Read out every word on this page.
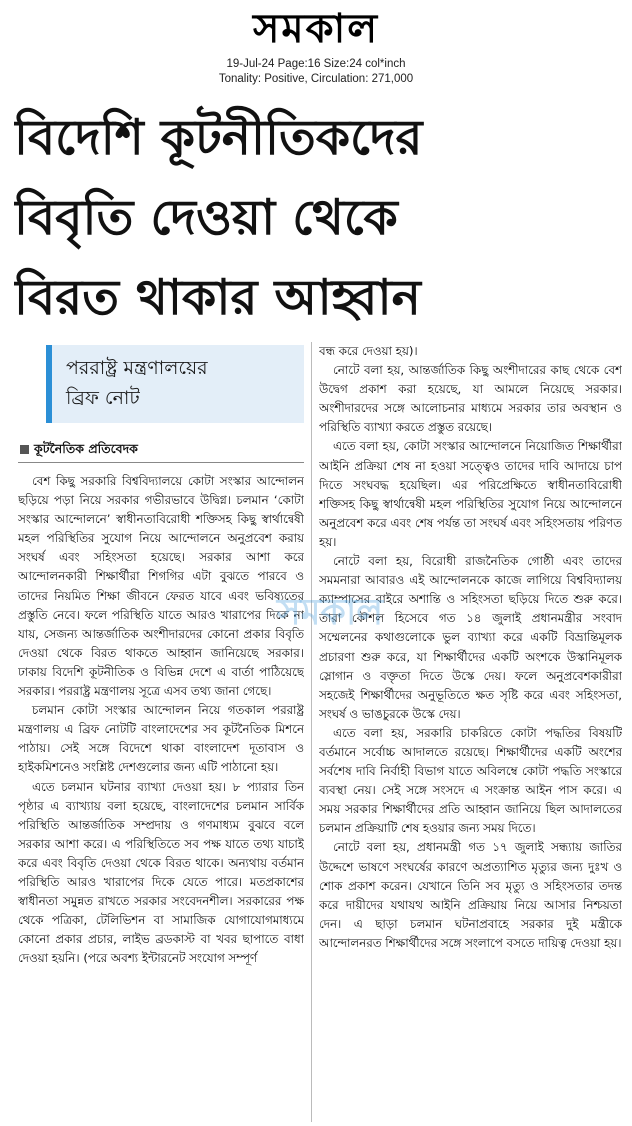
সমকাল
19-Jul-24 Page:16 Size:24 col*inch
Tonality: Positive, Circulation: 271,000
বিদেশি কূটনীতিকদের
বিবৃতি দেওয়া থেকে
বিরত থাকার আহ্বান
পররাষ্ট্র মন্ত্রণালয়ের
ব্রিফ নোট
কূটনৈতিক প্রতিবেদক

বেশ কিছু সরকারি বিশ্ববিদ্যালয়ে কোটা সংস্কার আন্দোলন ছড়িয়ে পড়া নিয়ে সরকার গভীরভাবে উদ্বিগ্ন। চলমান ‘কোটা সংস্কার আন্দোলনে’ স্বাধীনতাবিরোধী শক্তিসহ কিছু স্বার্থান্বেষী মহল পরিস্থিতির সুযোগ নিয়ে আন্দোলনে অনুপ্রবেশ করায় সংঘর্ষ এবং সহিংসতা হয়েছে। সরকার আশা করে আন্দোলনকারী শিক্ষার্থীরা শিগগির এটা বুঝতে পারবে ও তাদের নিয়মিত শিক্ষা জীবনে ফেরত যাবে এবং ভবিষ্যতের প্রস্তুতি নেবে। ফলে পরিস্থিতি যাতে আরও খারাপের দিকে না যায়, সেজন্য আন্তর্জাতিক অংশীদারদের কোনো প্রকার বিবৃতি দেওয়া থেকে বিরত থাকতে আহ্বান জানিয়েছে সরকার। ঢাকায় বিদেশি কূটনীতিক ও বিভিন্ন দেশে এ বার্তা পাঠিয়েছে সরকার। পররাষ্ট্র মন্ত্রণালয় সূত্রে এসব তথ্য জানা গেছে।

চলমান কোটা সংস্কার আন্দোলন নিয়ে গতকাল পররাষ্ট্র মন্ত্রণালয় এ ব্রিফ নোটটি বাংলাদেশের সব কূটনৈতিক মিশনে পাঠায়। সেই সঙ্গে বিদেশে থাকা বাংলাদেশ দূতাবাস ও হাইকমিশনেও সংশ্লিষ্ট দেশগুলোর জন্য এটি পাঠানো হয়।

এতে চলমান ঘটনার ব্যাখ্যা দেওয়া হয়। ৮ প্যারার তিন পৃষ্ঠার এ ব্যাখ্যায় বলা হয়েছে, বাংলাদেশের চলমান সার্বিক পরিস্থিতি আন্তর্জাতিক সম্প্রদায় ও গণমাধ্যম বুঝবে বলে সরকার আশা করে। এ পরিস্থিতিতে সব পক্ষ যাতে তথ্য যাচাই করে এবং বিবৃতি দেওয়া থেকে বিরত থাকে। অন্যথায় বর্তমান পরিস্থিতি আরও খারাপের দিকে যেতে পারে। মতপ্রকাশের স্বাধীনতা সমুন্নত রাখতে সরকার সংবেদনশীল। সরকারের পক্ষ থেকে পত্রিকা, টেলিভিশন বা সামাজিক যোগাযোগমাধ্যমে কোনো প্রকার প্রচার, লাইভ ব্রডকাস্ট বা খবর ছাপাতে বাধা দেওয়া হয়নি। (পরে অবশ্য ইন্টারনেট সংযোগ সম্পূর্ণ

বন্ধ করে দেওয়া হয়)।

নোটে বলা হয়, আন্তর্জাতিক কিছু অংশীদারের কাছ থেকে বেশ উদ্বেগ প্রকাশ করা হয়েছে, যা আমলে নিয়েছে সরকার। অংশীদারদের সঙ্গে আলোচনার মাধ্যমে সরকার তার অবস্থান ও পরিস্থিতি ব্যাখ্যা করতে প্রস্তুত রয়েছে।

এতে বলা হয়, কোটা সংস্কার আন্দোলনে নিয়োজিত শিক্ষার্থীরা আইনি প্রক্রিয়া শেষ না হওয়া সত্ত্বেও তাদের দাবি আদায়ে চাপ দিতে সংঘবদ্ধ হয়েছিল। এর পরিপ্রেক্ষিতে স্বাধীনতাবিরোধী শক্তিসহ কিছু স্বার্থান্বেষী মহল পরিস্থিতির সুযোগ নিয়ে আন্দোলনে অনুপ্রবেশ করে এবং শেষ পর্যন্ত তা সংঘর্ষ এবং সহিংসতায় পরিণত হয়।

নোটে বলা হয়, বিরোধী রাজনৈতিক গোষ্ঠী এবং তাদের সমমনারা আবারও এই আন্দোলনকে কাজে লাগিয়ে বিশ্ববিদ্যালয় ক্যাম্পাসের বাইরে অশান্তি ও সহিংসতা ছড়িয়ে দিতে শুরু করে। তারা কৌশল হিসেবে গত ১৪ জুলাই প্রধানমন্ত্রীর সংবাদ সম্মেলনের কথাগুলোকে ভুল ব্যাখ্যা করে একটি বিভ্রান্তিমূলক প্রচারণা শুরু করে, যা শিক্ষার্থীদের একটি অংশকে উস্কানিমূলক স্লোগান ও বক্তৃতা দিতে উস্কে দেয়। ফলে অনুপ্রবেশকারীরা সহজেই শিক্ষার্থীদের অনুভূতিতে ক্ষত সৃষ্টি করে এবং সহিংসতা, সংঘর্ষ ও ভাঙচুরকে উস্কে দেয়।

এতে বলা হয়, সরকারি চাকরিতে কোটা পদ্ধতির বিষয়টি বর্তমানে সর্বোচ্চ আদালতে রয়েছে। শিক্ষার্থীদের একটি অংশের সর্বশেষ দাবি নির্বাহী বিভাগ যাতে অবিলম্বে কোটা পদ্ধতি সংস্কারে ব্যবস্থা নেয়। সেই সঙ্গে সংসদে এ সংক্রান্ত আইন পাস করে। এ সময় সরকার শিক্ষার্থীদের প্রতি আহ্বান জানিয়ে ছিল আদালতের চলমান প্রক্রিয়াটি শেষ হওয়ার জন্য সময় দিতে।

নোটে বলা হয়, প্রধানমন্ত্রী গত ১৭ জুলাই সন্ধ্যায় জাতির উদ্দেশে ভাষণে সংঘর্ষের কারণে অপ্রত্যাশিত মৃত্যুর জন্য দুঃখ ও শোক প্রকাশ করেন। যেখানে তিনি সব মৃত্যু ও সহিংসতার তদন্ত করে দায়ীদের যথাযথ আইনি প্রক্রিয়ায় নিয়ে আসার নিশ্চয়তা দেন। এ ছাড়া চলমান ঘটনাপ্রবাহে সরকার দুই মন্ত্রীকে আন্দোলনরত শিক্ষার্থীদের সঙ্গে সংলাপে বসতে দায়িত্ব দেওয়া হয়।

সমকাল
